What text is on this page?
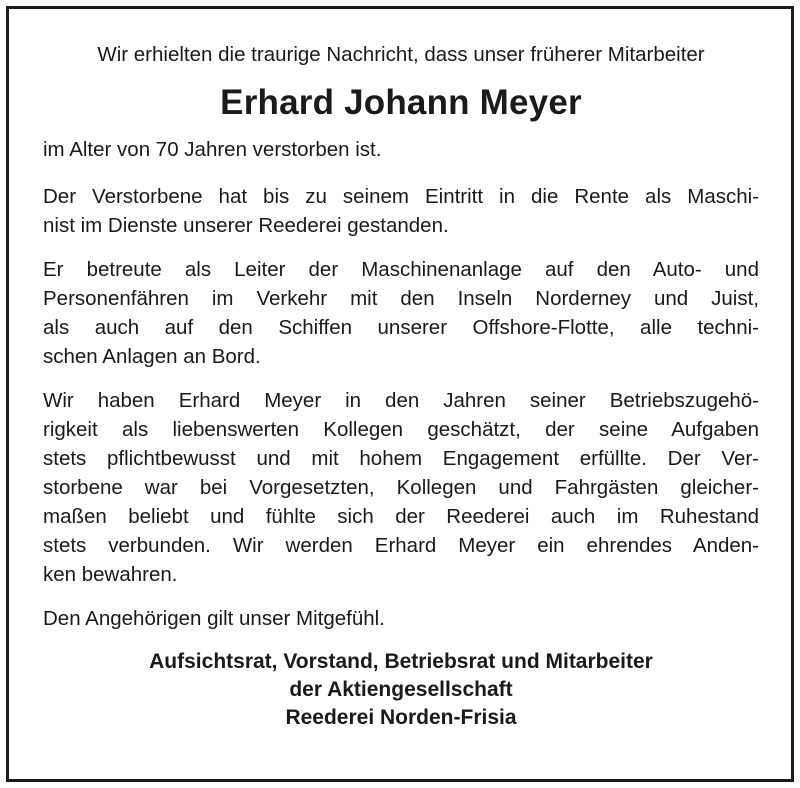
Wir erhielten die traurige Nachricht, dass unser früherer Mitarbeiter

Erhard Johann Meyer

im Alter von 70 Jahren verstorben ist.

Der Verstorbene hat bis zu seinem Eintritt in die Rente als Maschi-
nist im Dienste unserer Reederei gestanden.

Er betreute als Leiter der Maschinenanlage auf den Auto- und
Personenfähren im Verkehr mit den Inseln Norderney und Juist,
als auch auf den Schiffen unserer Offshore-Flotte, alle techni-
schen Anlagen an Bord.

Wir haben Erhard Meyer in den Jahren seiner Betriebszugehö-
rigkeit als liebenswerten Kollegen geschätzt, der seine Aufgaben
stets pflichtbewusst und mit hohem Engagement erfüllte. Der Ver-
storbene war bei Vorgesetzten, Kollegen und Fahrgästen gleicher-
maßen beliebt und fühlte sich der Reederei auch im Ruhestand
stets verbunden. Wir werden Erhard Meyer ein ehrendes Anden-
ken bewahren.

Den Angehörigen gilt unser Mitgefühl.

Aufsichtsrat, Vorstand, Betriebsrat und Mitarbeiter
der Aktiengesellschaft
Reederei Norden-Frisia
